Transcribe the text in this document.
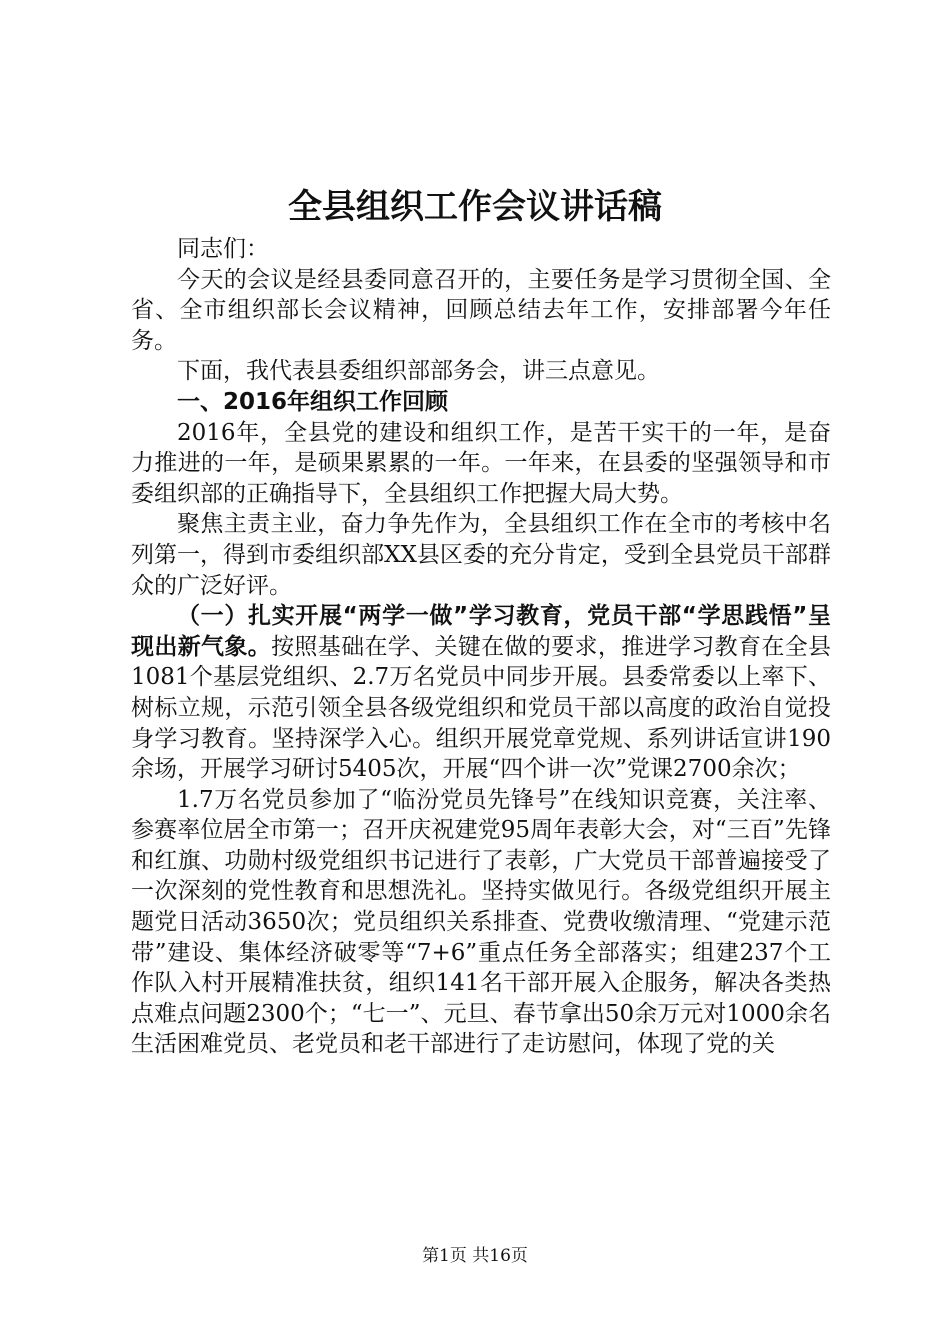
全县组织工作会议讲话稿

同志们：

今天的会议是经县委同意召开的，主要任务是学习贯彻全国、全省、全市组织部长会议精神，回顾总结去年工作，安排部署今年任务。

下面，我代表县委组织部部务会，讲三点意见。

一、2016年组织工作回顾

2016年，全县党的建设和组织工作，是苦干实干的一年，是奋力推进的一年，是硕果累累的一年。一年来，在县委的坚强领导和市委组织部的正确指导下，全县组织工作把握大局大势。

聚焦主责主业，奋力争先作为，全县组织工作在全市的考核中名列第一，得到市委组织部XX县区委的充分肯定，受到全县党员干部群众的广泛好评。

（一）扎实开展“两学一做”学习教育，党员干部“学思践悟”呈现出新气象。按照基础在学、关键在做的要求，推进学习教育在全县1081个基层党组织、2.7万名党员中同步开展。县委常委以上率下、树标立规，示范引领全县各级党组织和党员干部以高度的政治自觉投身学习教育。坚持深学入心。组织开展党章党规、系列讲话宣讲190余场，开展学习研讨5405次，开展“四个讲一次”党课2700余次；

1.7万名党员参加了“临汾党员先锋号”在线知识竞赛，关注率、参赛率位居全市第一；召开庆祝建党95周年表彰大会，对“三百”先锋和红旗、功勋村级党组织书记进行了表彰，广大党员干部普遍接受了一次深刻的党性教育和思想洗礼。坚持实做见行。各级党组织开展主题党日活动3650次；党员组织关系排查、党费收缴清理、“党建示范带”建设、集体经济破零等“7+6”重点任务全部落实；组建237个工作队入村开展精准扶贫，组织141名干部开展入企服务，解决各类热点难点问题2300个；“七一”、元旦、春节拿出50余万元对1000余名生活困难党员、老党员和老干部进行了走访慰问，体现了党的关

第1页 共16页
